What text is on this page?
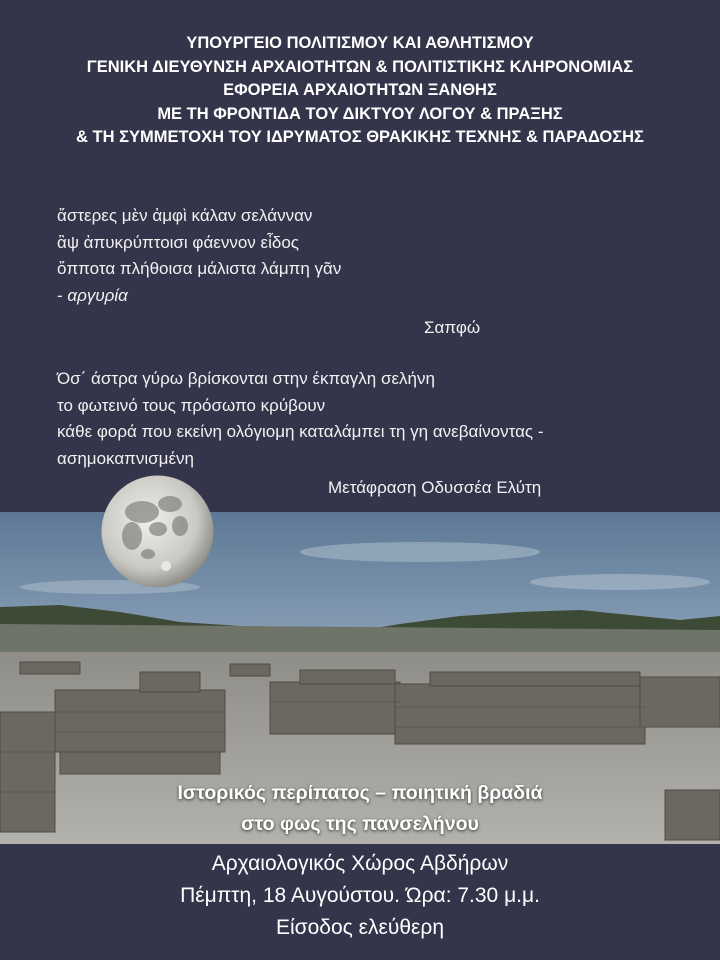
ΥΠΟΥΡΓΕΙΟ ΠΟΛΙΤΙΣΜΟΥ ΚΑΙ ΑΘΛΗΤΙΣΜΟΥ
ΓΕΝΙΚΗ ΔΙΕΥΘΥΝΣΗ ΑΡΧΑΙΟΤΗΤΩΝ & ΠΟΛΙΤΙΣΤΙΚΗΣ ΚΛΗΡΟΝΟΜΙΑΣ
ΕΦΟΡΕΙΑ ΑΡΧΑΙΟΤΗΤΩΝ ΞΑΝΘΗΣ
ΜΕ ΤΗ ΦΡΟΝΤΙΔΑ ΤΟΥ ΔΙΚΤΥΟΥ ΛΟΓΟΥ & ΠΡΑΞΗΣ
& ΤΗ ΣΥΜΜΕΤΟΧΗ ΤΟΥ ΙΔΡΥΜΑΤΟΣ ΘΡΑΚΙΚΗΣ ΤΕΧΝΗΣ & ΠΑΡΑΔΟΣΗΣ
ἄστερες μὲν ἀμφὶ κάλαν σελάνναν
ἂψ ἀπυκρύπτοισι φάεννον εἶδος
ὄπποτα πλήθοισα μάλιστα λάμπη γᾶν
- αργυρία
Σαπφώ
Όσ΄ άστρα γύρω βρίσκονται στην έκπαγλη σελήνη
το φωτεινό τους πρόσωπο κρύβουν
κάθε φορά που εκείνη ολόγιομη καταλάμπει τη γη ανεβαίνοντας -
ασημοκαπνισμένη
Μετάφραση Οδυσσέα Ελύτη
Ιστορικός περίπατος – ποιητική βραδιά
στο φως της πανσελήνου
Αρχαιολογικός Χώρος Αβδήρων
Πέμπτη, 18 Αυγούστου. Ώρα: 7.30 μ.μ.
Είσοδος ελεύθερη
